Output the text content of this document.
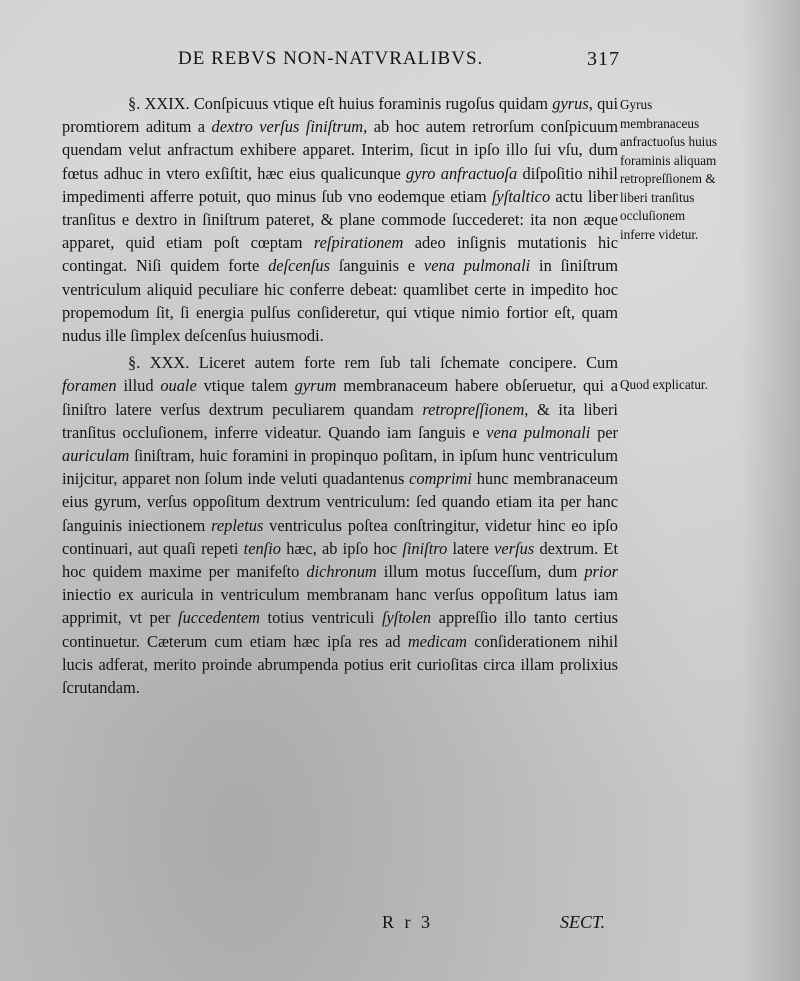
DE REBVS NON-NATVRALIBVS.	317

§. XXIX. Conſpicuus vtique eſt huius foraminis rugoſus quidam gyrus, qui promtiorem aditum a dextro verſus ſiniſtrum, ab hoc autem retrorſum conſpicuum quendam velut anfractum exhibere apparet. Interim, ſicut in ipſo illo ſui vſu, dum fœtus adhuc in vtero exſiſtit, hæc eius qualicunque gyro anfractuoſa diſpoſitio nihil impedimenti afferre potuit, quo minus ſub vno eodemque etiam ſyſtaltico actu liber tranſitus e dextro in ſiniſtrum pateret, & plane commode ſuccederet: ita non æque apparet, quid etiam poſt cœptam reſpirationem adeo inſignis mutationis hic contingat. Niſi quidem forte deſcenſus ſanguinis e vena pulmonali in ſiniſtrum ventriculum aliquid peculiare hic conferre debeat: quamlibet certe in impedito hoc propemodum ſit, ſi energia pulſus conſideretur, qui vtique nimio fortior eſt, quam nudus ille ſimplex deſcenſus huiusmodi.

§. XXX. Liceret autem forte rem ſub tali ſchemate concipere. Cum foramen illud ouale vtique talem gyrum membranaceum habere obſeruetur, qui a ſiniſtro latere verſus dextrum peculiarem quandam retropreſſionem, & ita liberi tranſitus occluſionem, inferre videatur. Quando iam ſanguis e vena pulmonali per auriculam ſiniſtram, huic foramini in propinquo poſitam, in ipſum hunc ventriculum inijcitur, apparet non ſolum inde veluti quadantenus comprimi hunc membranaceum eius gyrum, verſus oppoſitum dextrum ventriculum: ſed quando etiam ita per hanc ſanguinis iniectionem repletus ventriculus poſtea conſtringitur, videtur hinc eo ipſo continuari, aut quaſi repeti tenſio hæc, ab ipſo hoc ſiniſtro latere verſus dextrum. Et hoc quidem maxime per manifeſto dichronum illum motus ſucceſſum, dum prior iniectio ex auricula in ventriculum membranam hanc verſus oppoſitum latus iam apprimit, vt per ſuccedentem totius ventriculi ſyſtolen appreſſio illo tanto certius continuetur. Cæterum cum etiam hæc ipſa res ad medicam conſiderationem nihil lucis adferat, merito proinde abrumpenda potius erit curioſitas circa illam prolixius ſcrutandam.

Gyrus membranaceus anfractuoſus huius foraminis aliquam retropreſſionem & liberi tranſitus occluſionem inferre videtur.
Quod explicatur.
R r 3	SECT.
